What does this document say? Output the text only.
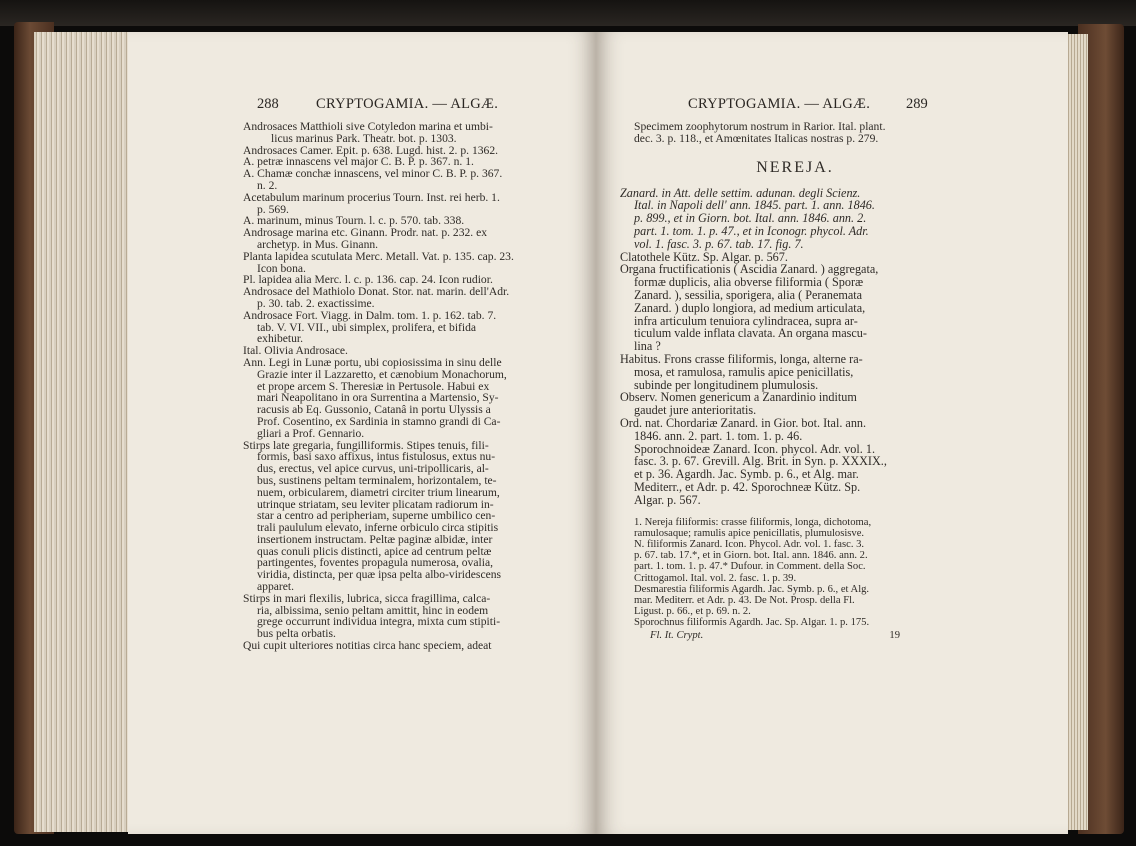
288	CRYPTOGAMIA. — ALGÆ.

Androsaces Matthioli sive Cotyledon marina et umbi-
licus marinus Park. Theatr. bot. p. 1303.

Androsaces Camer. Epit. p. 638. Lugd. hist. 2. p. 1362.

A. petræ innascens vel major C. B. P. p. 367. n. 1.

A. Chamæ conchæ innascens, vel minor C. B. P. p. 367.

n. 2.

Acetabulum marinum procerius Tourn. Inst. rei herb. 1.

p. 569.

A. marinum, minus Tourn. l. c. p. 570. tab. 338.

Androsage marina etc. Ginann. Prodr. nat. p. 232. ex

archetyp. in Mus. Ginann.

Planta lapidea scutulata Merc. Metall. Vat. p. 135. cap. 23.

Icon bona.

Pl. lapidea alia Merc. l. c. p. 136. cap. 24. Icon rudior.

Androsace del Mathiolo Donat. Stor. nat. marin. dell'Adr.

p. 30. tab. 2. exactissime.

Androsace Fort. Viagg. in Dalm. tom. 1. p. 162. tab. 7.

tab. V. VI. VII., ubi simplex, prolifera, et bifida

exhibetur.

Ital. Olivia Androsace.

Ann. Legi in Lunæ portu, ubi copiosissima in sinu delle

Grazie inter il Lazzaretto, et cænobium Monachorum,

et prope arcem S. Theresiæ in Pertusole. Habui ex

mari Neapolitano in ora Surrentina a Martensio, Sy-

racusis ab Eq. Gussonio, Catanâ in portu Ulyssis a

Prof. Cosentino, ex Sardinia in stamno grandi di Ca-

gliari a Prof. Gennario.

Stirps late gregaria, fungilliformis. Stipes tenuis, fili-

formis, basi saxo affixus, intus fistulosus, extus nu-

dus, erectus, vel apice curvus, uni-tripollicaris, al-

bus, sustinens peltam terminalem, horizontalem, te-

nuem, orbicularem, diametri circiter trium linearum,

utrinque striatam, seu leviter plicatam radiorum in-

star a centro ad peripheriam, superne umbilico cen-

trali paululum elevato, inferne orbiculo circa stipitis

insertionem instructam. Peltæ paginæ albidæ, inter

quas conuli plicis distincti, apice ad centrum peltæ

partingentes, foventes propagula numerosa, ovalia,

viridia, distincta, per quæ ipsa pelta albo-viridescens

apparet.

Stirps in mari flexilis, lubrica, sicca fragillima, calca-

ria, albissima, senio peltam amittit, hinc in eodem

grege occurrunt individua integra, mixta cum stipiti-

bus pelta orbatis.

Qui cupit ulteriores notitias circa hanc speciem, adeat

CRYPTOGAMIA. — ALGÆ. 289

Specimem zoophytorum nostrum in Rarior. Ital. plant.

dec. 3. p. 118., et Amœnitates Italicas nostras p. 279.

NEREJA.

Zanard. in Att. delle settim. adunan. degli Scienz.

Ital. in Napoli dell' ann. 1845. part. 1. ann. 1846.

p. 899., et in Giorn. bot. Ital. ann. 1846. ann. 2.

part. 1. tom. 1. p. 47., et in Iconogr. phycol. Adr.

vol. 1. fasc. 3. p. 67. tab. 17. fig. 7.

Clatothele Kütz. Sp. Algar. p. 567.

Organa fructificationis ( Ascidia Zanard. ) aggregata,

formæ duplicis, alia obverse filiformia ( Sporæ

Zanard. ), sessilia, sporigera, alia ( Peranemata

Zanard. ) duplo longiora, ad medium articulata,

infra articulum tenuiora cylindracea, supra ar-

ticulum valde inflata clavata. An organa mascu-

lina ?

Habitus. Frons crasse filiformis, longa, alterne ra-

mosa, et ramulosa, ramulis apice penicillatis,

subinde per longitudinem plumulosis.

Observ. Nomen genericum a Zanardinio inditum

gaudet jure anterioritatis.

Ord. nat. Chordariæ Zanard. in Gior. bot. Ital. ann.

1846. ann. 2. part. 1. tom. 1. p. 46.

Sporochnoideæ Zanard. Icon. phycol. Adr. vol. 1.

fasc. 3. p. 67. Grevill. Alg. Brit. in Syn. p. XXXIX.,

et p. 36. Agardh. Jac. Symb. p. 6., et Alg. mar.

Mediterr., et Adr. p. 42. Sporochneæ Kütz. Sp.

Algar. p. 567.

1. Nereja filiformis: crasse filiformis, longa, dichotoma,

ramulosaque; ramulis apice penicillatis, plumulosisve.

N. filiformis Zanard. Icon. Phycol. Adr. vol. 1. fasc. 3.

p. 67. tab. 17.*, et in Giorn. bot. Ital. ann. 1846. ann. 2.

part. 1. tom. 1. p. 47.* Dufour. in Comment. della Soc.

Crittogamol. Ital. vol. 2. fasc. 1. p. 39.

Desmarestia filiformis Agardh. Jac. Symb. p. 6., et Alg.

mar. Mediterr. et Adr. p. 43. De Not. Prosp. della Fl.

Ligust. p. 66., et p. 69. n. 2.

Sporochnus filiformis Agardh. Jac. Sp. Algar. 1. p. 175.

Fl. It. Crypt.	19
